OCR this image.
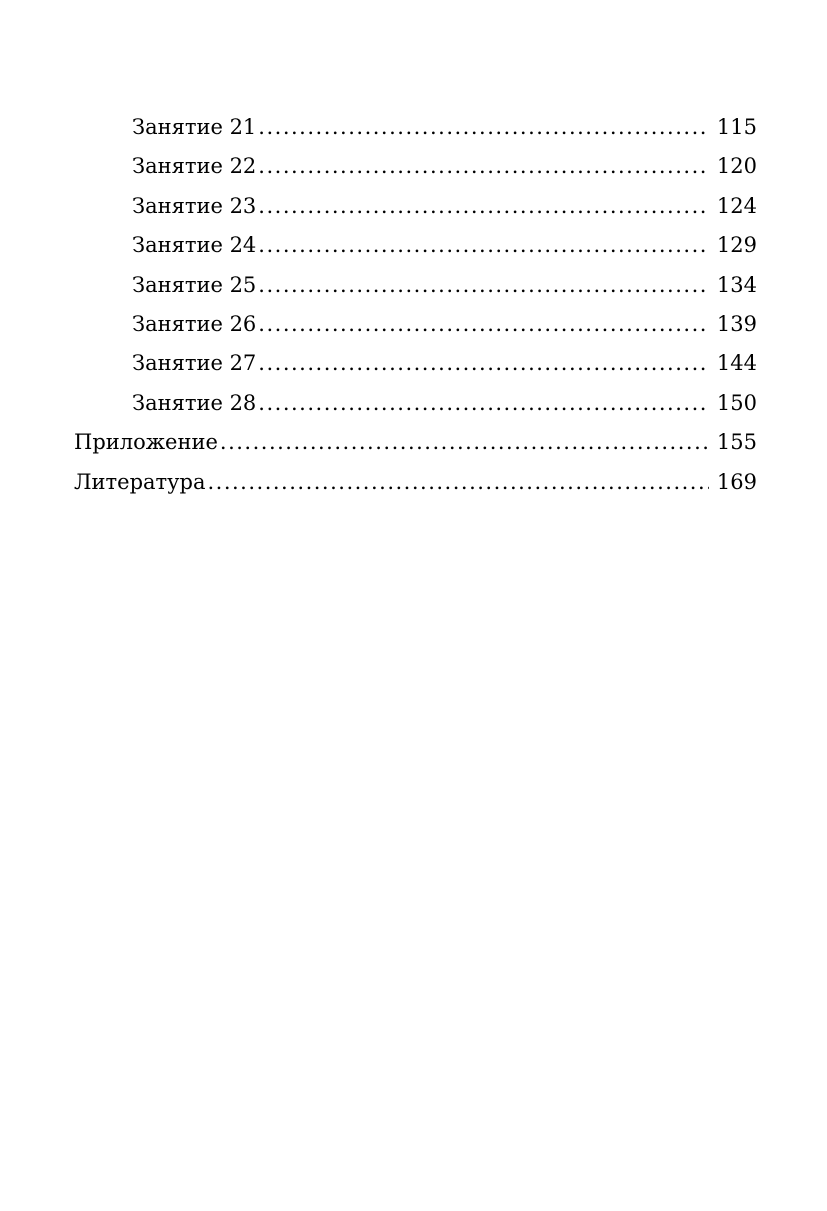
Занятие 21 .....	115
Занятие 22 .....	120
Занятие 23 .....	124
Занятие 24 .....	129
Занятие 25 .....	134
Занятие 26 .....	139
Занятие 27 .....	144
Занятие 28 .....	150
Приложение .....	155
Литература .....	169
